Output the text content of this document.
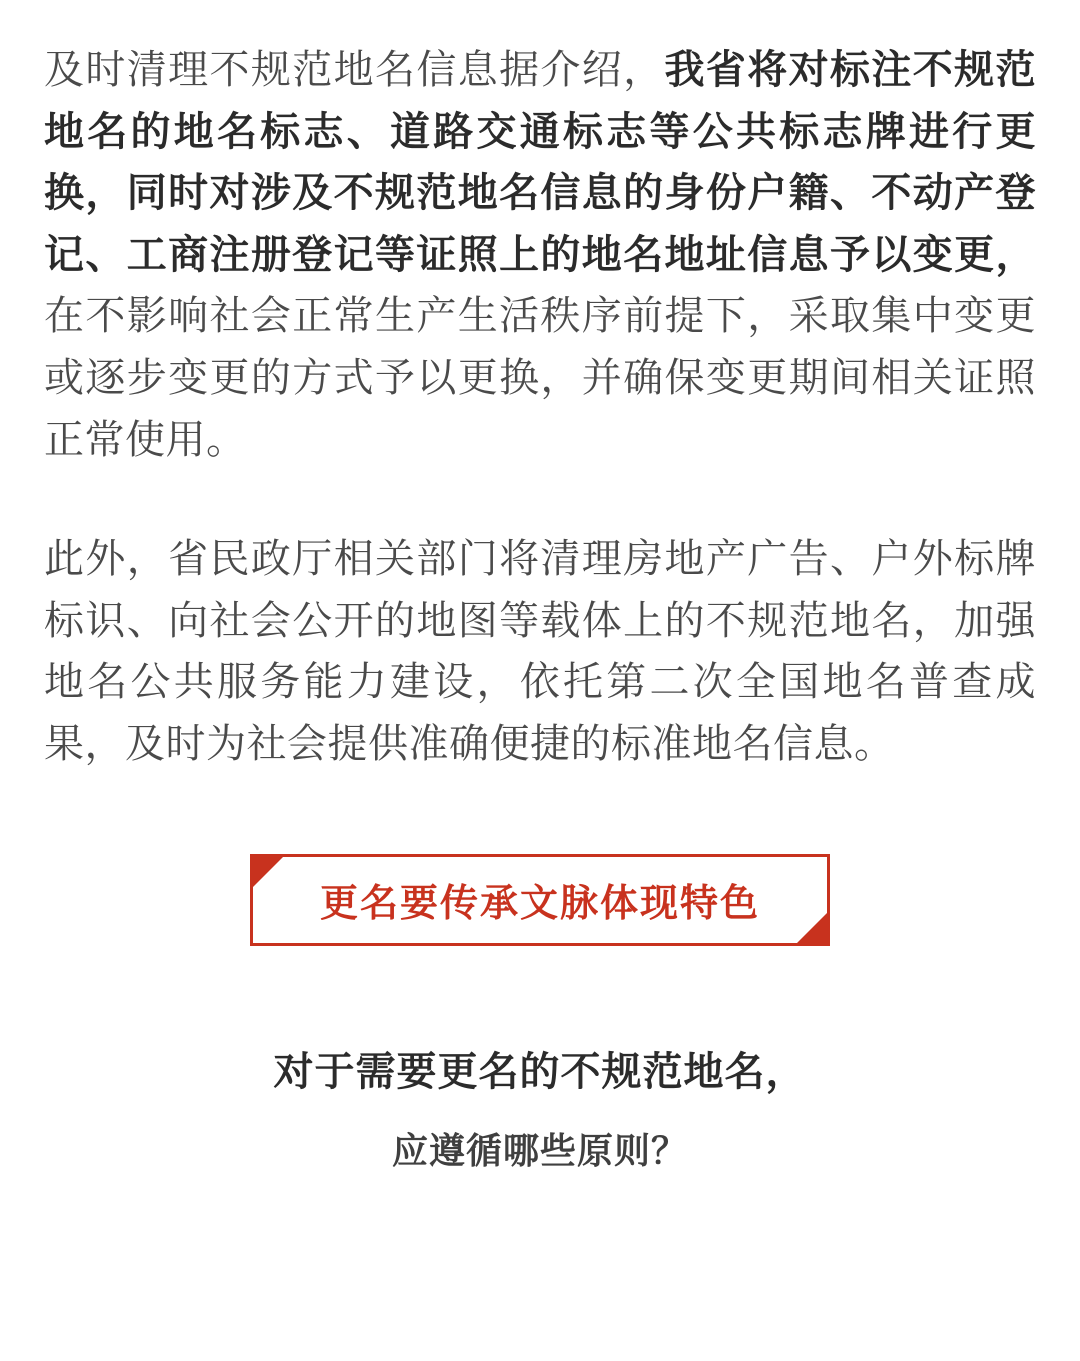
及时清理不规范地名信息据介绍，我省将对标注不规范地名的地名标志、道路交通标志等公共标志牌进行更换，同时对涉及不规范地名信息的身份户籍、不动产登记、工商注册登记等证照上的地名地址信息予以变更，在不影响社会正常生产生活秩序前提下，采取集中变更或逐步变更的方式予以更换，并确保变更期间相关证照正常使用。

此外，省民政厅相关部门将清理房地产广告、户外标牌标识、向社会公开的地图等载体上的不规范地名，加强地名公共服务能力建设，依托第二次全国地名普查成果，及时为社会提供准确便捷的标准地名信息。

更名要传承文脉体现特色
对于需要更名的不规范地名，
应遵循哪些原则？
